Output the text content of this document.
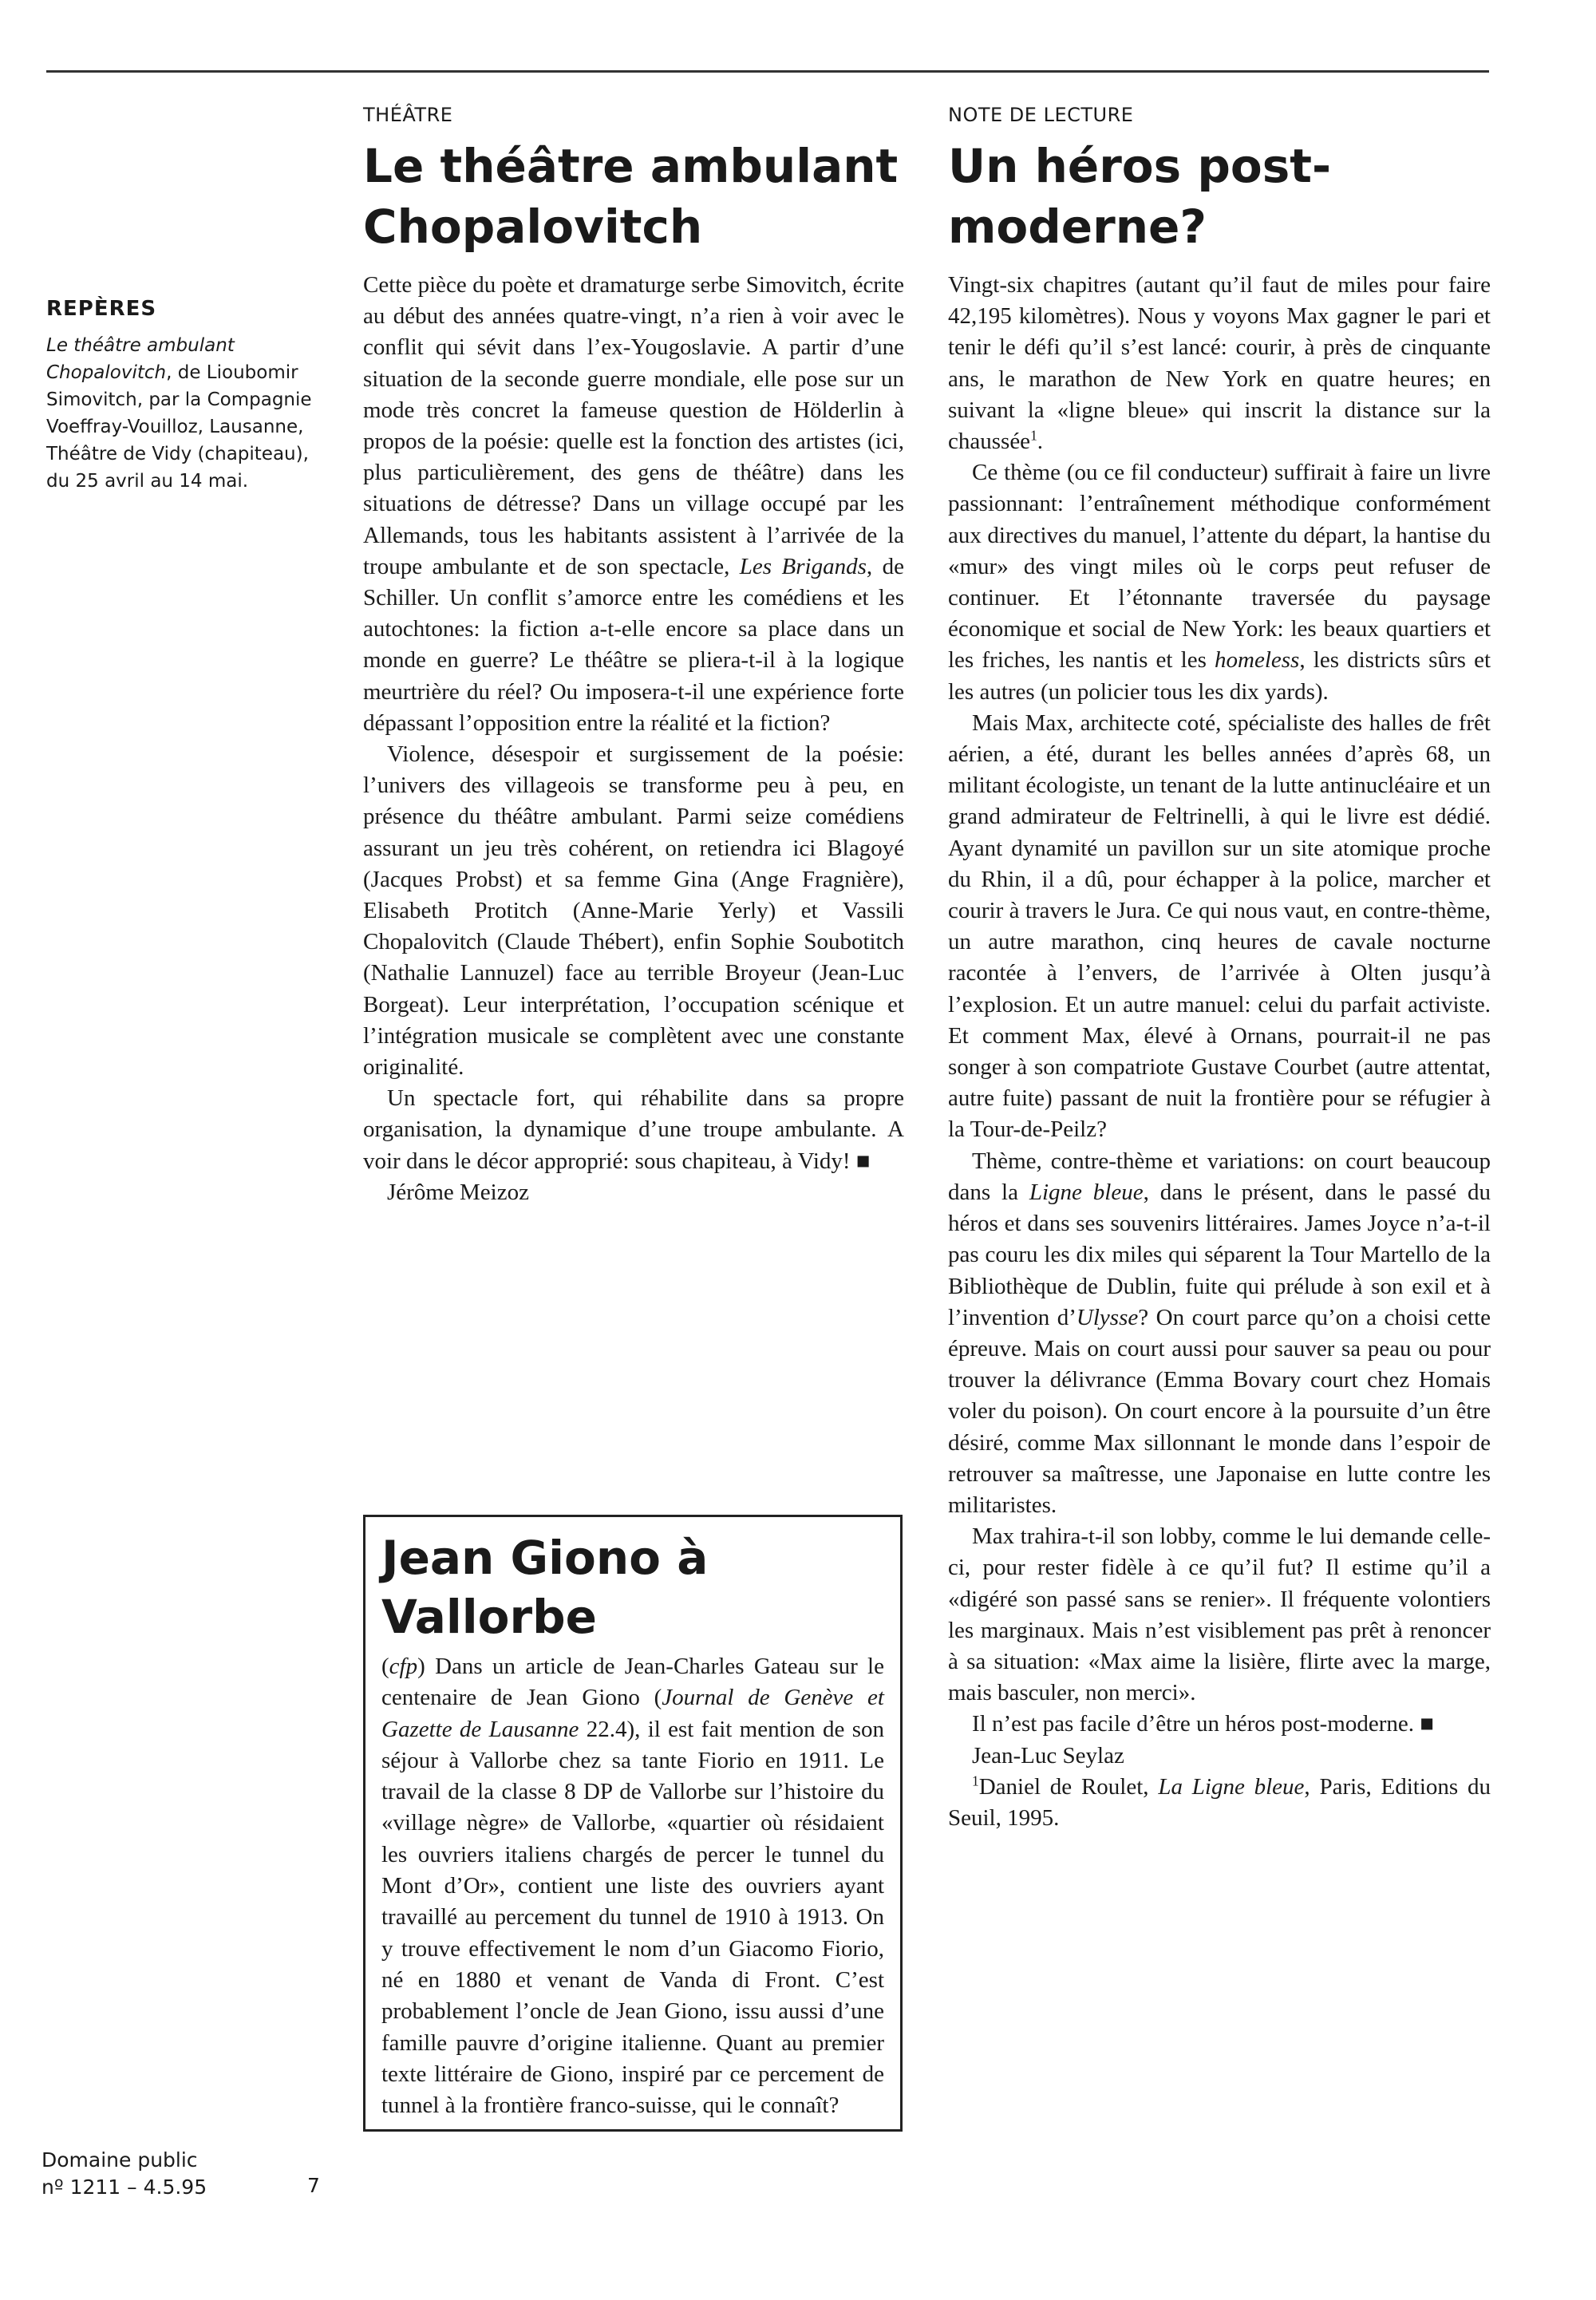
REPÈRES

Le théâtre ambulant Chopalovitch, de Lioubomir Simovitch, par la Compagnie Voeffray-Vouilloz, Lausanne, Théâtre de Vidy (chapiteau), du 25 avril au 14 mai.

Domaine public
nº 1211 – 4.5.95	7

THÉÂTRE

Le théâtre ambulant
Chopalovitch

Cette pièce du poète et dramaturge serbe Simovitch, écrite au début des années quatre-vingt, n’a rien à voir avec le conflit qui sévit dans l’ex-Yougoslavie. A partir d’une situation de la seconde guerre mondiale, elle pose sur un mode très concret la fameuse question de Hölderlin à propos de la poésie: quelle est la fonction des artistes (ici, plus particulièrement, des gens de théâtre) dans les situations de détresse? Dans un village occupé par les Allemands, tous les habitants assistent à l’arrivée de la troupe ambulante et de son spectacle, Les Brigands, de Schiller. Un conflit s’amorce entre les comédiens et les autochtones: la fiction a-t-elle encore sa place dans un monde en guerre? Le théâtre se pliera-t-il à la logique meurtrière du réel? Ou imposera-t-il une expérience forte dépassant l’opposition entre la réalité et la fiction?

Violence, désespoir et surgissement de la poésie: l’univers des villageois se transforme peu à peu, en présence du théâtre ambulant. Parmi seize comédiens assurant un jeu très cohérent, on retiendra ici Blagoyé (Jacques Probst) et sa femme Gina (Ange Fragnière), Elisabeth Protitch (Anne-Marie Yerly) et Vassili Chopalovitch (Claude Thébert), enfin Sophie Soubotitch (Nathalie Lannuzel) face au terrible Broyeur (Jean-Luc Borgeat). Leur interprétation, l’occupation scénique et l’intégration musicale se complètent avec une constante originalité.

Un spectacle fort, qui réhabilite dans sa propre organisation, la dynamique d’une troupe ambulante. A voir dans le décor approprié: sous chapiteau, à Vidy! ■

Jérôme Meizoz

Jean Giono à Vallorbe

(cfp) Dans un article de Jean-Charles Gateau sur le centenaire de Jean Giono (Journal de Genève et Gazette de Lausanne 22.4), il est fait mention de son séjour à Vallorbe chez sa tante Fiorio en 1911. Le travail de la classe 8 DP de Vallorbe sur l’histoire du «village nègre» de Vallorbe, «quartier où résidaient les ouvriers italiens chargés de percer le tunnel du Mont d’Or», contient une liste des ouvriers ayant travaillé au percement du tunnel de 1910 à 1913. On y trouve effectivement le nom d’un Giacomo Fiorio, né en 1880 et venant de Vanda di Front. C’est probablement l’oncle de Jean Giono, issu aussi d’une famille pauvre d’origine italienne. Quant au premier texte littéraire de Giono, inspiré par ce percement de tunnel à la frontière franco-suisse, qui le connaît?

NOTE DE LECTURE

Un héros post-
moderne?

Vingt-six chapitres (autant qu’il faut de miles pour faire 42,195 kilomètres). Nous y voyons Max gagner le pari et tenir le défi qu’il s’est lancé: courir, à près de cinquante ans, le marathon de New York en quatre heures; en suivant la «ligne bleue» qui inscrit la distance sur la chaussée$^1$.

Ce thème (ou ce fil conducteur) suffirait à faire un livre passionnant: l’entraînement méthodique conformément aux directives du manuel, l’attente du départ, la hantise du «mur» des vingt miles où le corps peut refuser de continuer. Et l’étonnante traversée du paysage économique et social de New York: les beaux quartiers et les friches, les nantis et les homeless, les districts sûrs et les autres (un policier tous les dix yards).

Mais Max, architecte coté, spécialiste des halles de frêt aérien, a été, durant les belles années d’après 68, un militant écologiste, un tenant de la lutte antinucléaire et un grand admirateur de Feltrinelli, à qui le livre est dédié. Ayant dynamité un pavillon sur un site atomique proche du Rhin, il a dû, pour échapper à la police, marcher et courir à travers le Jura. Ce qui nous vaut, en contre-thème, un autre marathon, cinq heures de cavale nocturne racontée à l’envers, de l’arrivée à Olten jusqu’à l’explosion. Et un autre manuel: celui du parfait activiste. Et comment Max, élevé à Ornans, pourrait-il ne pas songer à son compatriote Gustave Courbet (autre attentat, autre fuite) passant de nuit la frontière pour se réfugier à la Tour-de-Peilz?

Thème, contre-thème et variations: on court beaucoup dans la Ligne bleue, dans le présent, dans le passé du héros et dans ses souvenirs littéraires. James Joyce n’a-t-il pas couru les dix miles qui séparent la Tour Martello de la Bibliothèque de Dublin, fuite qui prélude à son exil et à l’invention d’Ulysse? On court parce qu’on a choisi cette épreuve. Mais on court aussi pour sauver sa peau ou pour trouver la délivrance (Emma Bovary court chez Homais voler du poison). On court encore à la poursuite d’un être désiré, comme Max sillonnant le monde dans l’espoir de retrouver sa maîtresse, une Japonaise en lutte contre les militaristes.

Max trahira-t-il son lobby, comme le lui demande celle-ci, pour rester fidèle à ce qu’il fut? Il estime qu’il a «digéré son passé sans se renier». Il fréquente volontiers les marginaux. Mais n’est visiblement pas prêt à renoncer à sa situation: «Max aime la lisière, flirte avec la marge, mais basculer, non merci».

Il n’est pas facile d’être un héros post-moderne. ■

Jean-Luc Seylaz

$^1$Daniel de Roulet, La Ligne bleue, Paris, Editions du Seuil, 1995.
